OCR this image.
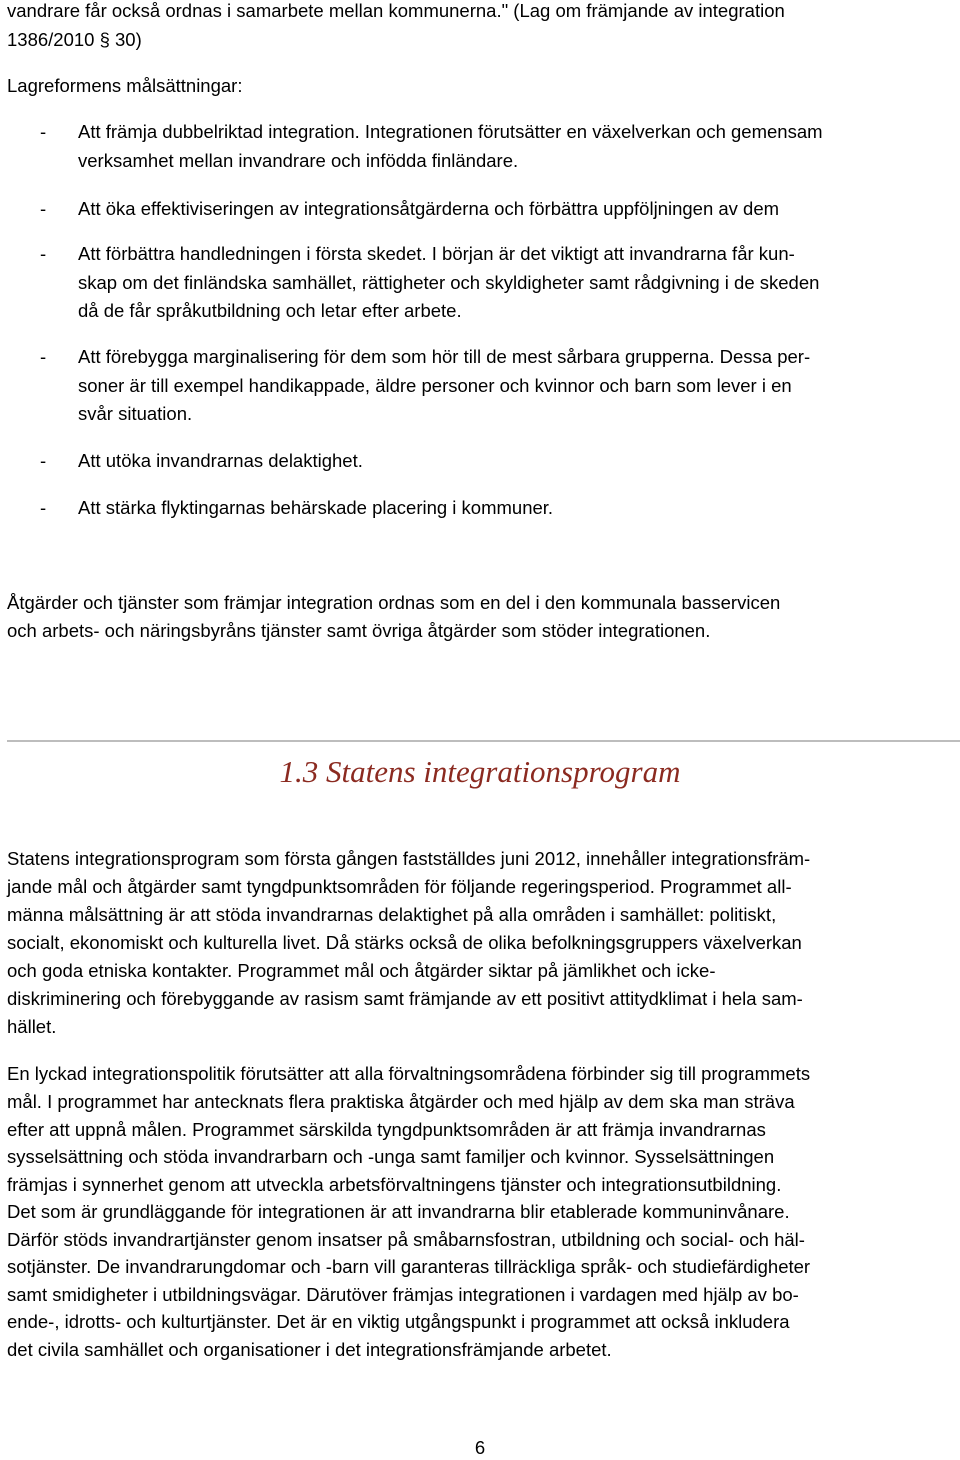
vandrare får också ordnas i samarbete mellan kommunerna." (Lag om främjande av integration
1386/2010 § 30)
Lagreformens målsättningar:
- Att främja dubbelriktad integration. Integrationen förutsätter en växelverkan och gemensam
verksamhet mellan invandrare och infödda finländare.
- Att öka effektiviseringen av integrationsåtgärderna och förbättra uppföljningen av dem
- Att förbättra handledningen i första skedet. I början är det viktigt att invandrarna får kun-
skap om det finländska samhället, rättigheter och skyldigheter samt rådgivning i de skeden
då de får språkutbildning och letar efter arbete.
- Att förebygga marginalisering för dem som hör till de mest sårbara grupperna. Dessa per-
soner är till exempel handikappade, äldre personer och kvinnor och barn som lever i en
svår situation.
- Att utöka invandrarnas delaktighet.
- Att stärka flyktingarnas behärskade placering i kommuner.
Åtgärder och tjänster som främjar integration ordnas som en del i den kommunala basservicen
och arbets- och näringsbyråns tjänster samt övriga åtgärder som stöder integrationen.
1.3 Statens integrationsprogram
Statens integrationsprogram som första gången fastställdes juni 2012, innehåller integrationsfräm-
jande mål och åtgärder samt tyngdpunktsområden för följande regeringsperiod. Programmet all-
männa målsättning är att stöda invandrarnas delaktighet på alla områden i samhället: politiskt,
socialt, ekonomiskt och kulturella livet. Då stärks också de olika befolkningsgruppers växelverkan
och goda etniska kontakter. Programmet mål och åtgärder siktar på jämlikhet och icke-
diskriminering och förebyggande av rasism samt främjande av ett positivt attitydklimat i hela sam-
hället.
En lyckad integrationspolitik förutsätter att alla förvaltningsområdena förbinder sig till programmets
mål. I programmet har antecknats flera praktiska åtgärder och med hjälp av dem ska man sträva
efter att uppnå målen. Programmet särskilda tyngdpunktsområden är att främja invandrarnas
sysselsättning och stöda invandrarbarn och -unga samt familjer och kvinnor. Sysselsättningen
främjas i synnerhet genom att utveckla arbetsförvaltningens tjänster och integrationsutbildning.
Det som är grundläggande för integrationen är att invandrarna blir etablerade kommuninvånare.
Därför stöds invandrartjänster genom insatser på småbarnsfostran, utbildning och social- och häl-
sotjänster. De invandrarungdomar och -barn vill garanteras tillräckliga språk- och studiefärdigheter
samt smidigheter i utbildningsvägar. Därutöver främjas integrationen i vardagen med hjälp av bo-
ende-, idrotts- och kulturtjänster. Det är en viktig utgångspunkt i programmet att också inkludera
det civila samhället och organisationer i det integrationsfrämjande arbetet.
6
